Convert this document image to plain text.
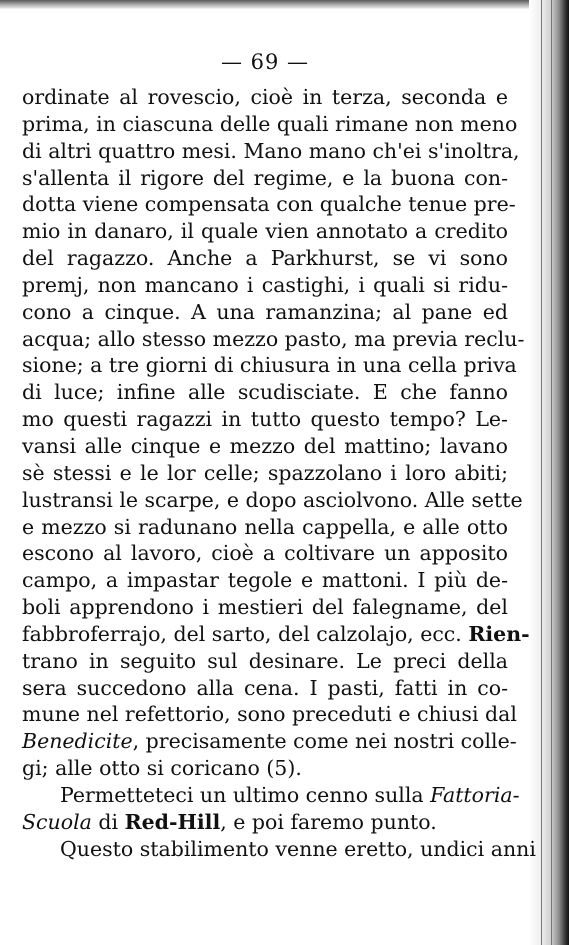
— 69 —
ordinate al rovescio, cioè in terza, seconda e
prima, in ciascuna delle quali rimane non meno
di altri quattro mesi. Mano mano ch'ei s'inoltra,
s'allenta il rigore del regime, e la buona con-
dotta viene compensata con qualche tenue pre-
mio in danaro, il quale vien annotato a credito
del ragazzo. Anche a Parkhurst, se vi sono
premj, non mancano i castighi, i quali si ridu-
cono a cinque. A una ramanzina; al pane ed
acqua; allo stesso mezzo pasto, ma previa reclu-
sione; a tre giorni di chiusura in una cella priva
di luce; infine alle scudisciate. E che fanno
mo questi ragazzi in tutto questo tempo? Le-
vansi alle cinque e mezzo del mattino; lavano
sè stessi e le lor celle; spazzolano i loro abiti;
lustransi le scarpe, e dopo asciolvono. Alle sette
e mezzo si radunano nella cappella, e alle otto
escono al lavoro, cioè a coltivare un apposito
campo, a impastar tegole e mattoni. I più de-
boli apprendono i mestieri del falegname, del
fabbroferrajo, del sarto, del calzolajo, ecc. Rien-
trano in seguito sul desinare. Le preci della
sera succedono alla cena. I pasti, fatti in co-
mune nel refettorio, sono preceduti e chiusi dal
Benedicite, precisamente come nei nostri colle-
gi; alle otto si coricano (5).
Permetteteci un ultimo cenno sulla Fattoria-
Scuola di Red-Hill, e poi faremo punto.
Questo stabilimento venne eretto, undici anni
